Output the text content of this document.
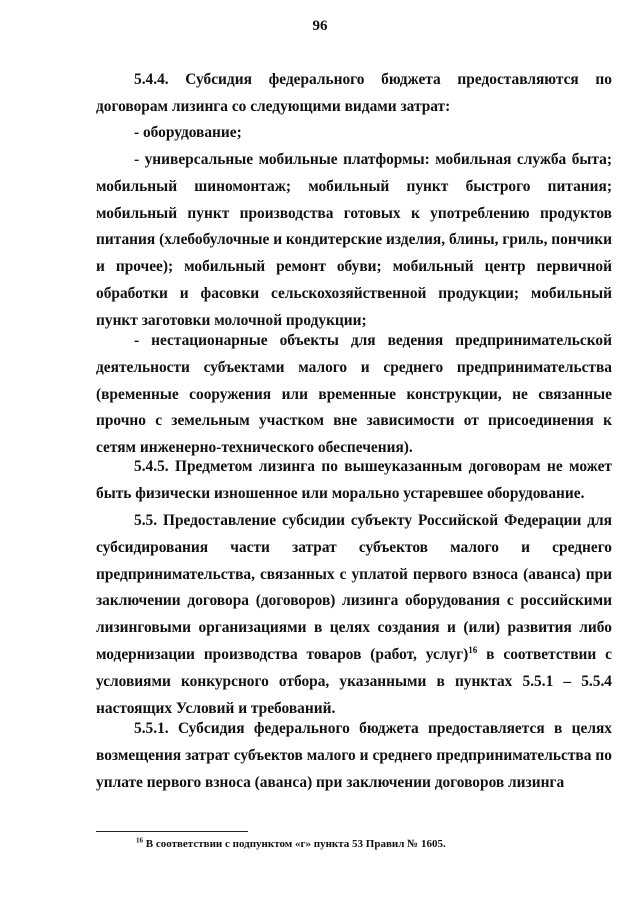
96
5.4.4. Субсидия федерального бюджета предоставляются по договорам лизинга со следующими видами затрат:
- оборудование;
- универсальные мобильные платформы: мобильная служба быта; мобильный шиномонтаж; мобильный пункт быстрого питания; мобильный пункт производства готовых к употреблению продуктов питания (хлебобулочные и кондитерские изделия, блины, гриль, пончики и прочее); мобильный ремонт обуви; мобильный центр первичной обработки и фасовки сельскохозяйственной продукции; мобильный пункт заготовки молочной продукции;
- нестационарные объекты для ведения предпринимательской деятельности субъектами малого и среднего предпринимательства (временные сооружения или временные конструкции, не связанные прочно с земельным участком вне зависимости от присоединения к сетям инженерно-технического обеспечения).
5.4.5. Предметом лизинга по вышеуказанным договорам не может быть физически изношенное или морально устаревшее оборудование.
5.5. Предоставление субсидии субъекту Российской Федерации для субсидирования части затрат субъектов малого и среднего предпринимательства, связанных с уплатой первого взноса (аванса) при заключении договора (договоров) лизинга оборудования с российскими лизинговыми организациями в целях создания и (или) развития либо модернизации производства товаров (работ, услуг)$^{16}$ в соответствии с условиями конкурсного отбора, указанными в пунктах 5.5.1 – 5.5.4 настоящих Условий и требований.
5.5.1. Субсидия федерального бюджета предоставляется в целях возмещения затрат субъектов малого и среднего предпринимательства по уплате первого взноса (аванса) при заключении договоров лизинга
$^{16}$ В соответствии с подпунктом «г» пункта 53 Правил № 1605.
